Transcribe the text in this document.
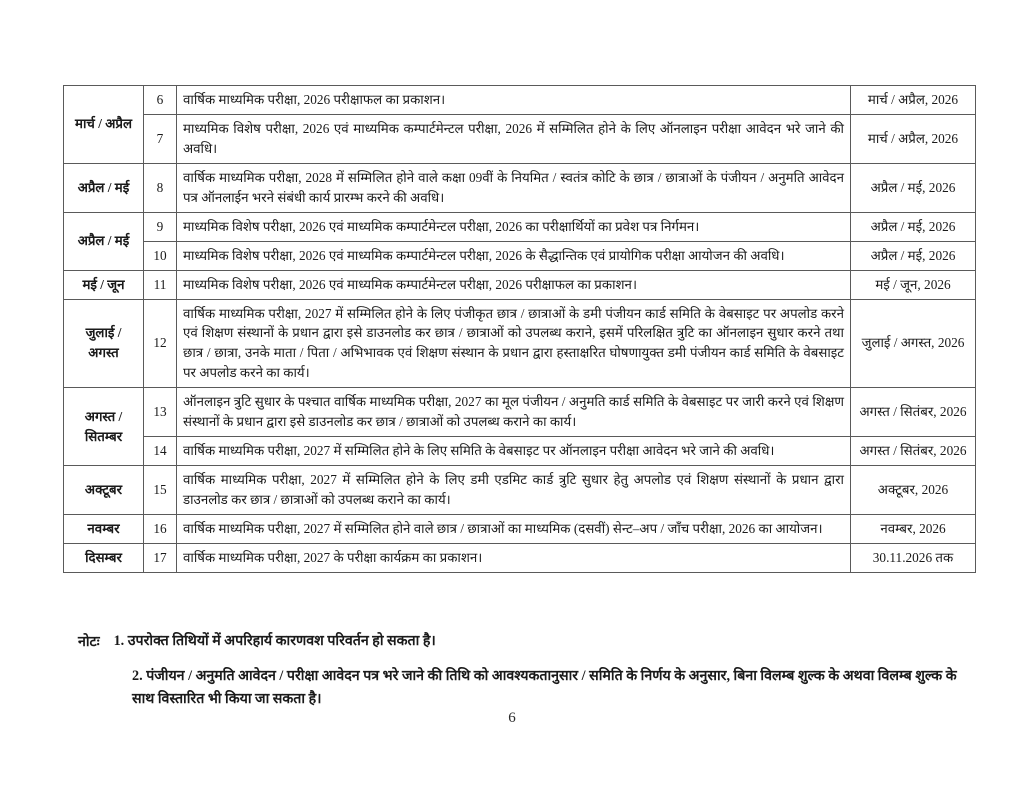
मार्च / अप्रैल	6	वार्षिक माध्यमिक परीक्षा, 2026 परीक्षाफल का प्रकाशन।	मार्च / अप्रैल, 2026
	7	माध्यमिक विशेष परीक्षा, 2026 एवं माध्यमिक कम्पार्टमेन्टल परीक्षा, 2026 में सम्मिलित होने के लिए ऑनलाइन परीक्षा आवेदन भरे जाने की अवधि।	मार्च / अप्रैल, 2026
अप्रैल / मई	8	वार्षिक माध्यमिक परीक्षा, 2028 में सम्मिलित होने वाले कक्षा 09वीं के नियमित / स्वतंत्र कोटि के छात्र / छात्राओं के पंजीयन / अनुमति आवेदन पत्र ऑनलाईन भरने संबंधी कार्य प्रारम्भ करने की अवधि।	अप्रैल / मई, 2026
अप्रैल / मई	9	माध्यमिक विशेष परीक्षा, 2026 एवं माध्यमिक कम्पार्टमेन्टल परीक्षा, 2026 का परीक्षार्थियों का प्रवेश पत्र निर्गमन।	अप्रैल / मई, 2026
	10	माध्यमिक विशेष परीक्षा, 2026 एवं माध्यमिक कम्पार्टमेन्टल परीक्षा, 2026 के सैद्धान्तिक एवं प्रायोगिक परीक्षा आयोजन की अवधि।	अप्रैल / मई, 2026
मई / जून	11	माध्यमिक विशेष परीक्षा, 2026 एवं माध्यमिक कम्पार्टमेन्टल परीक्षा, 2026 परीक्षाफल का प्रकाशन।	मई / जून, 2026
जुलाई / अगस्त	12	वार्षिक माध्यमिक परीक्षा, 2027 में सम्मिलित होने के लिए पंजीकृत छात्र / छात्राओं के डमी पंजीयन कार्ड समिति के वेबसाइट पर अपलोड करने एवं शिक्षण संस्थानों के प्रधान द्वारा इसे डाउनलोड कर छात्र / छात्राओं को उपलब्ध कराने, इसमें परिलक्षित त्रुटि का ऑनलाइन सुधार करने तथा छात्र / छात्रा, उनके माता / पिता / अभिभावक एवं शिक्षण संस्थान के प्रधान द्वारा हस्ताक्षरित घोषणायुक्त डमी पंजीयन कार्ड समिति के वेबसाइट पर अपलोड करने का कार्य।	जुलाई / अगस्त, 2026
अगस्त / सितम्बर	13	ऑनलाइन त्रुटि सुधार के पश्चात वार्षिक माध्यमिक परीक्षा, 2027 का मूल पंजीयन / अनुमति कार्ड समिति के वेबसाइट पर जारी करने एवं शिक्षण संस्थानों के प्रधान द्वारा इसे डाउनलोड कर छात्र / छात्राओं को उपलब्ध कराने का कार्य।	अगस्त / सितंबर, 2026
	14	वार्षिक माध्यमिक परीक्षा, 2027 में सम्मिलित होने के लिए समिति के वेबसाइट पर ऑनलाइन परीक्षा आवेदन भरे जाने की अवधि।	अगस्त / सितंबर, 2026
अक्टूबर	15	वार्षिक माध्यमिक परीक्षा, 2027 में सम्मिलित होने के लिए डमी एडमिट कार्ड त्रुटि सुधार हेतु अपलोड एवं शिक्षण संस्थानों के प्रधान द्वारा डाउनलोड कर छात्र / छात्राओं को उपलब्ध कराने का कार्य।	अक्टूबर, 2026
नवम्बर	16	वार्षिक माध्यमिक परीक्षा, 2027 में सम्मिलित होने वाले छात्र / छात्राओं का माध्यमिक (दसवीं) सेन्ट–अप / जाँच परीक्षा, 2026 का आयोजन।	नवम्बर, 2026
दिसम्बर	17	वार्षिक माध्यमिक परीक्षा, 2027 के परीक्षा कार्यक्रम का प्रकाशन।	30.11.2026 तक
नोटः 1. उपरोक्त तिथियों में अपरिहार्य कारणवश परिवर्तन हो सकता है।
2. पंजीयन / अनुमति आवेदन / परीक्षा आवेदन पत्र भरे जाने की तिथि को आवश्यकतानुसार / समिति के निर्णय के अनुसार, बिना विलम्ब शुल्क के अथवा विलम्ब शुल्क के साथ विस्तारित भी किया जा सकता है।
6
